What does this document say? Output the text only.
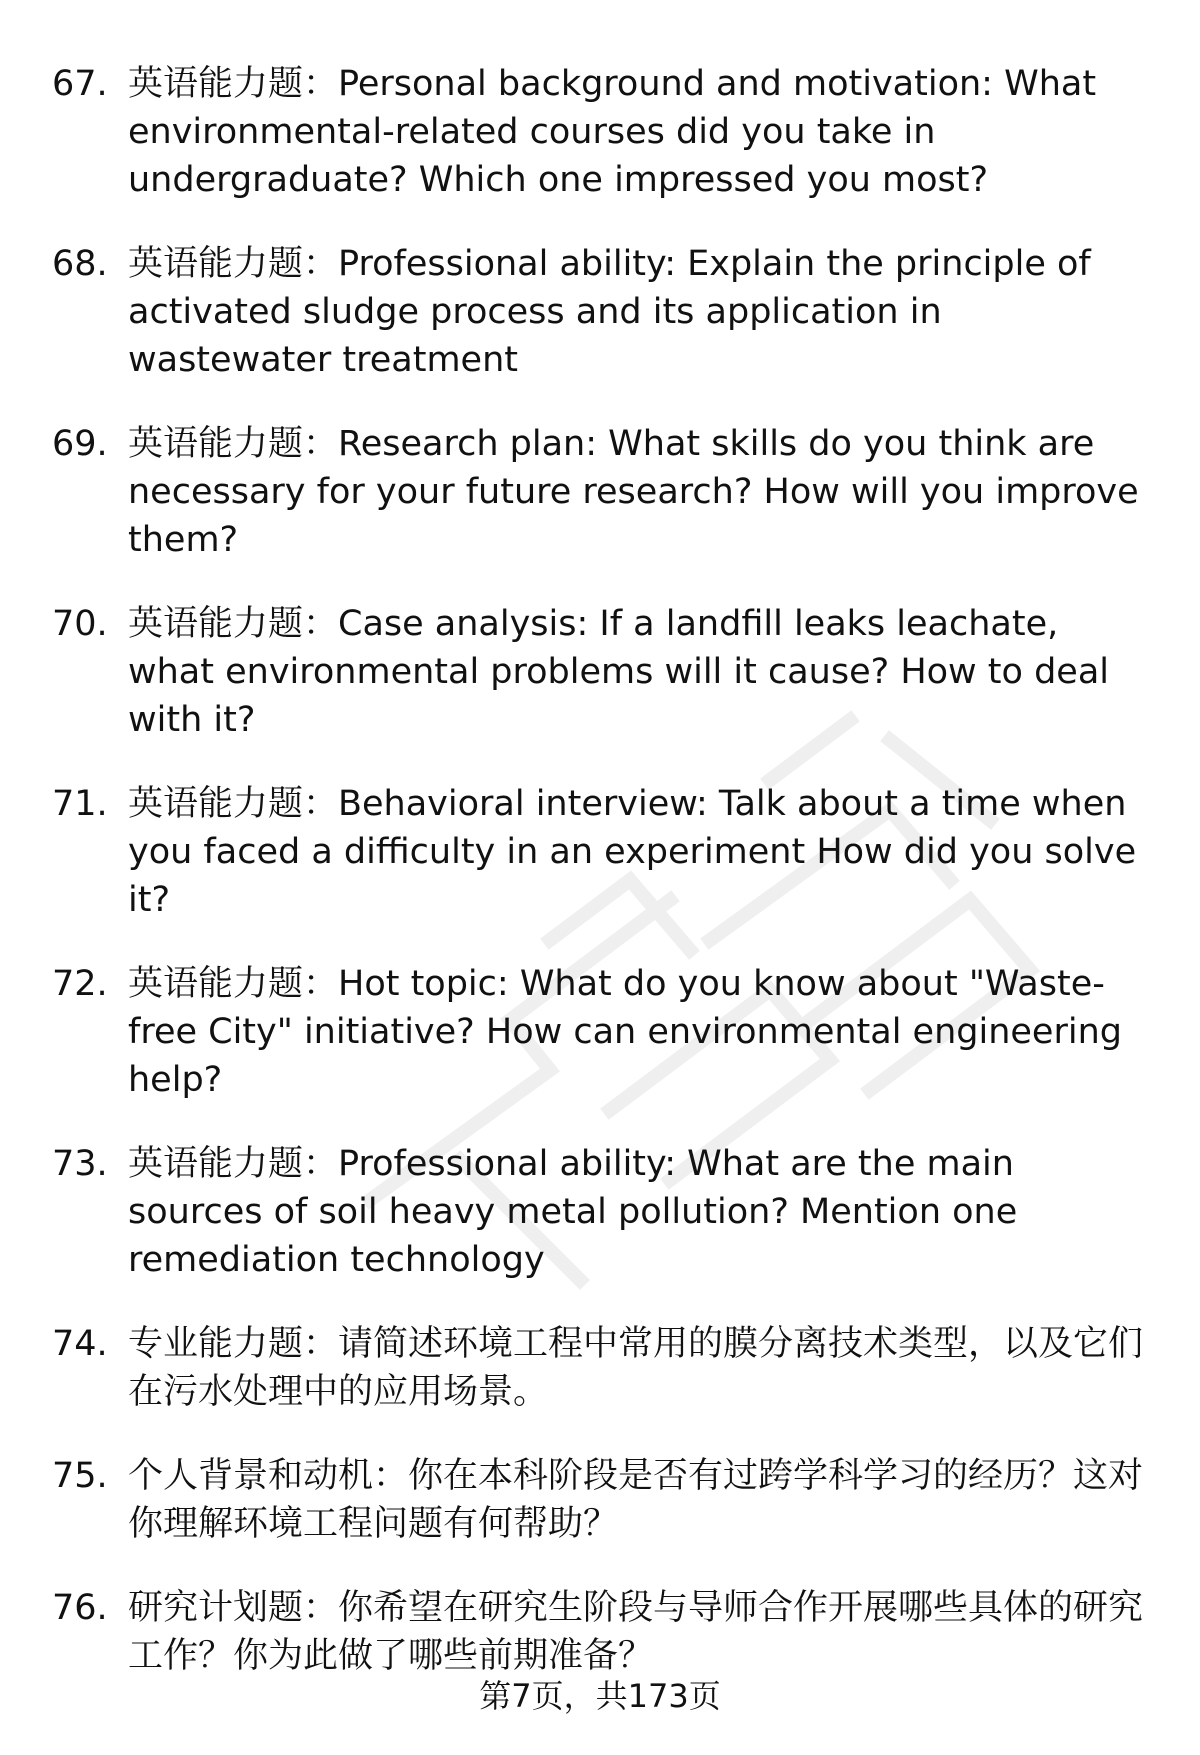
67. 英语能力题：Personal background and motivation: What environmental-related courses did you take in undergraduate? Which one impressed you most?
68. 英语能力题：Professional ability: Explain the principle of activated sludge process and its application in wastewater treatment
69. 英语能力题：Research plan: What skills do you think are necessary for your future research? How will you improve them?
70. 英语能力题：Case analysis: If a landfill leaks leachate, what environmental problems will it cause? How to deal with it?
71. 英语能力题：Behavioral interview: Talk about a time when you faced a difficulty in an experiment How did you solve it?
72. 英语能力题：Hot topic: What do you know about "Waste-free City" initiative? How can environmental engineering help?
73. 英语能力题：Professional ability: What are the main sources of soil heavy metal pollution? Mention one remediation technology
74. 专业能力题：请简述环境工程中常用的膜分离技术类型，以及它们在污水处理中的应用场景。
75. 个人背景和动机：你在本科阶段是否有过跨学科学习的经历？这对你理解环境工程问题有何帮助？
76. 研究计划题：你希望在研究生阶段与导师合作开展哪些具体的研究工作？你为此做了哪些前期准备？
第7页，共173页
